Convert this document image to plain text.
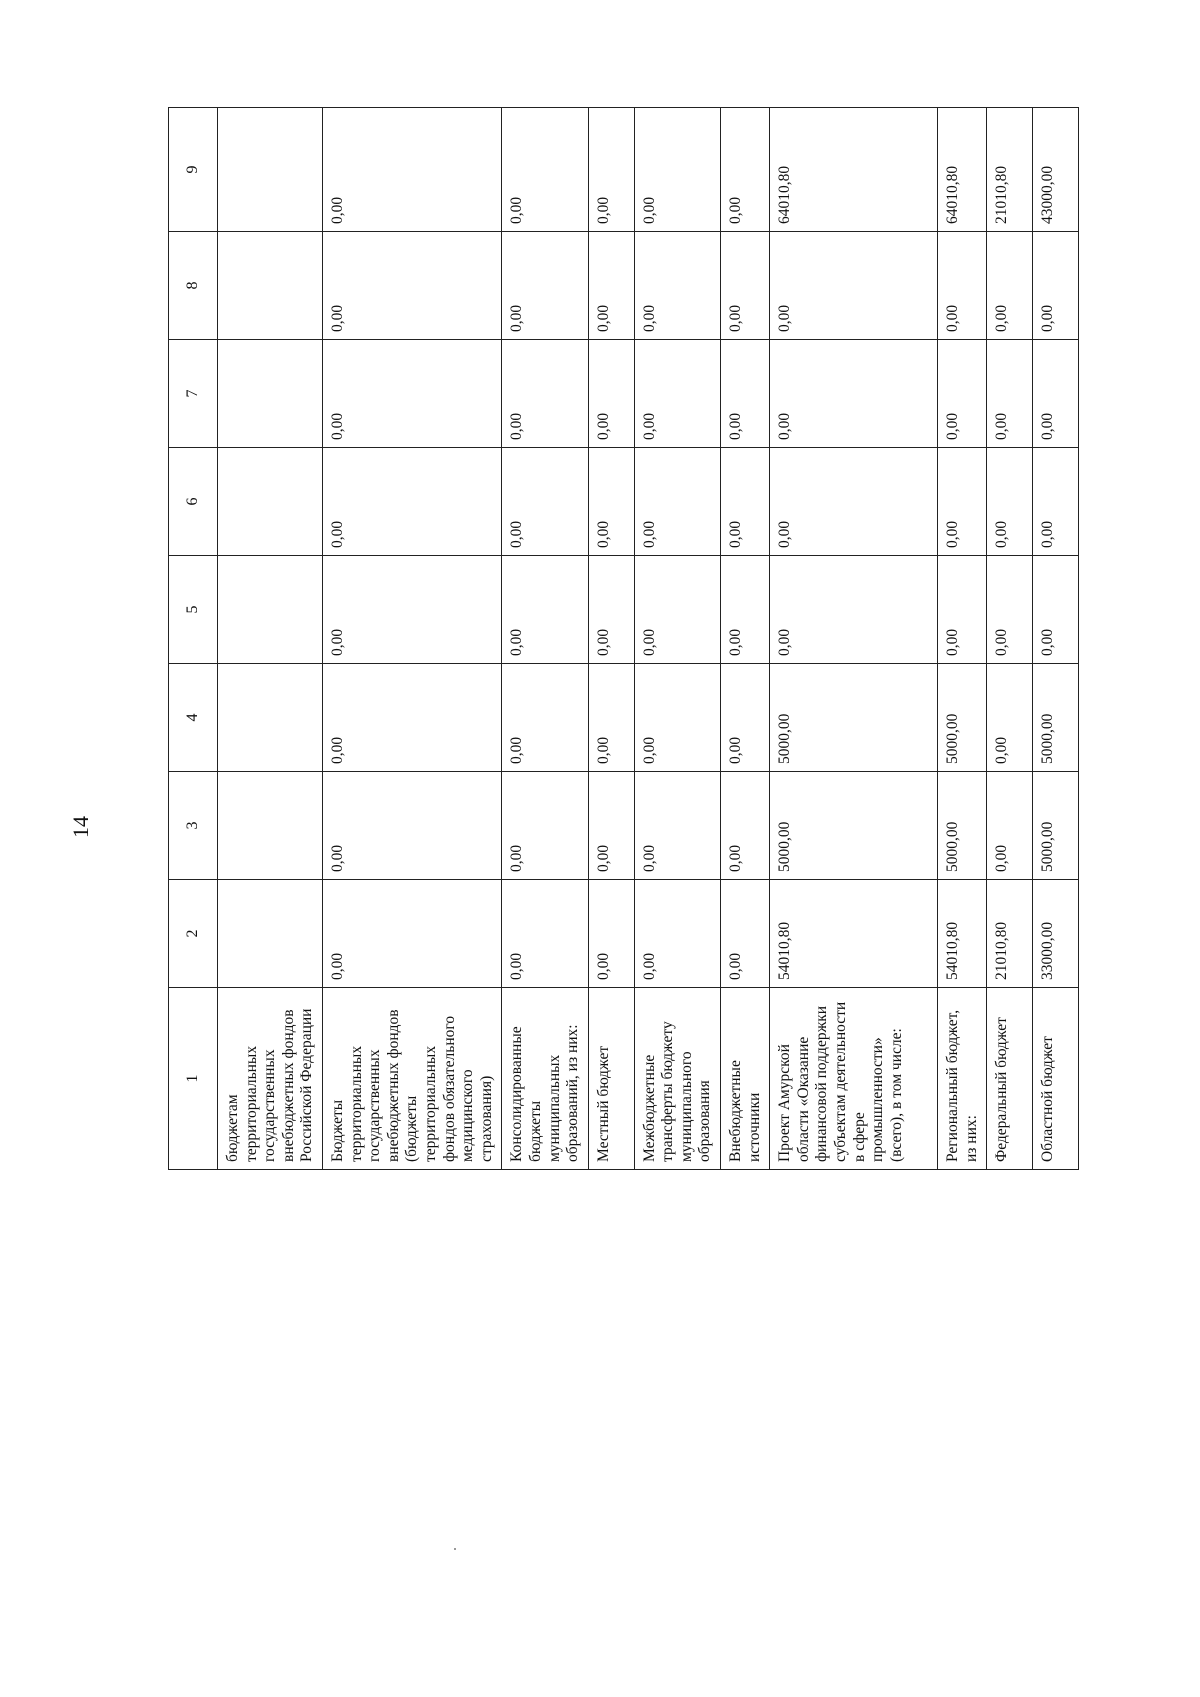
14
1	2	3	4	5	6	7	8	9
бюджетам территориальных государственных внебюджетных фондов Российской Федерации								
Бюджеты территориальных государственных внебюджетных фондов (бюджеты территориальных фондов обязательного медицинского страхования)	0,00	0,00	0,00	0,00	0,00	0,00	0,00	0,00
Консолидированные бюджеты муниципальных образований, из них:	0,00	0,00	0,00	0,00	0,00	0,00	0,00	0,00
Местный бюджет	0,00	0,00	0,00	0,00	0,00	0,00	0,00	0,00
Межбюджетные трансферты бюджету муниципального образования	0,00	0,00	0,00	0,00	0,00	0,00	0,00	0,00
Внебюджетные источники	0,00	0,00	0,00	0,00	0,00	0,00	0,00	0,00
Проект Амурской области «Оказание финансовой поддержки субъектам деятельности в сфере промышленности» (всего), в том числе:	54010,80	5000,00	5000,00	0,00	0,00	0,00	0,00	64010,80
Региональный бюджет, из них:	54010,80	5000,00	5000,00	0,00	0,00	0,00	0,00	64010,80
Федеральный бюджет	21010,80	0,00	0,00	0,00	0,00	0,00	0,00	21010,80
Областной бюджет	33000,00	5000,00	5000,00	0,00	0,00	0,00	0,00	43000,00
